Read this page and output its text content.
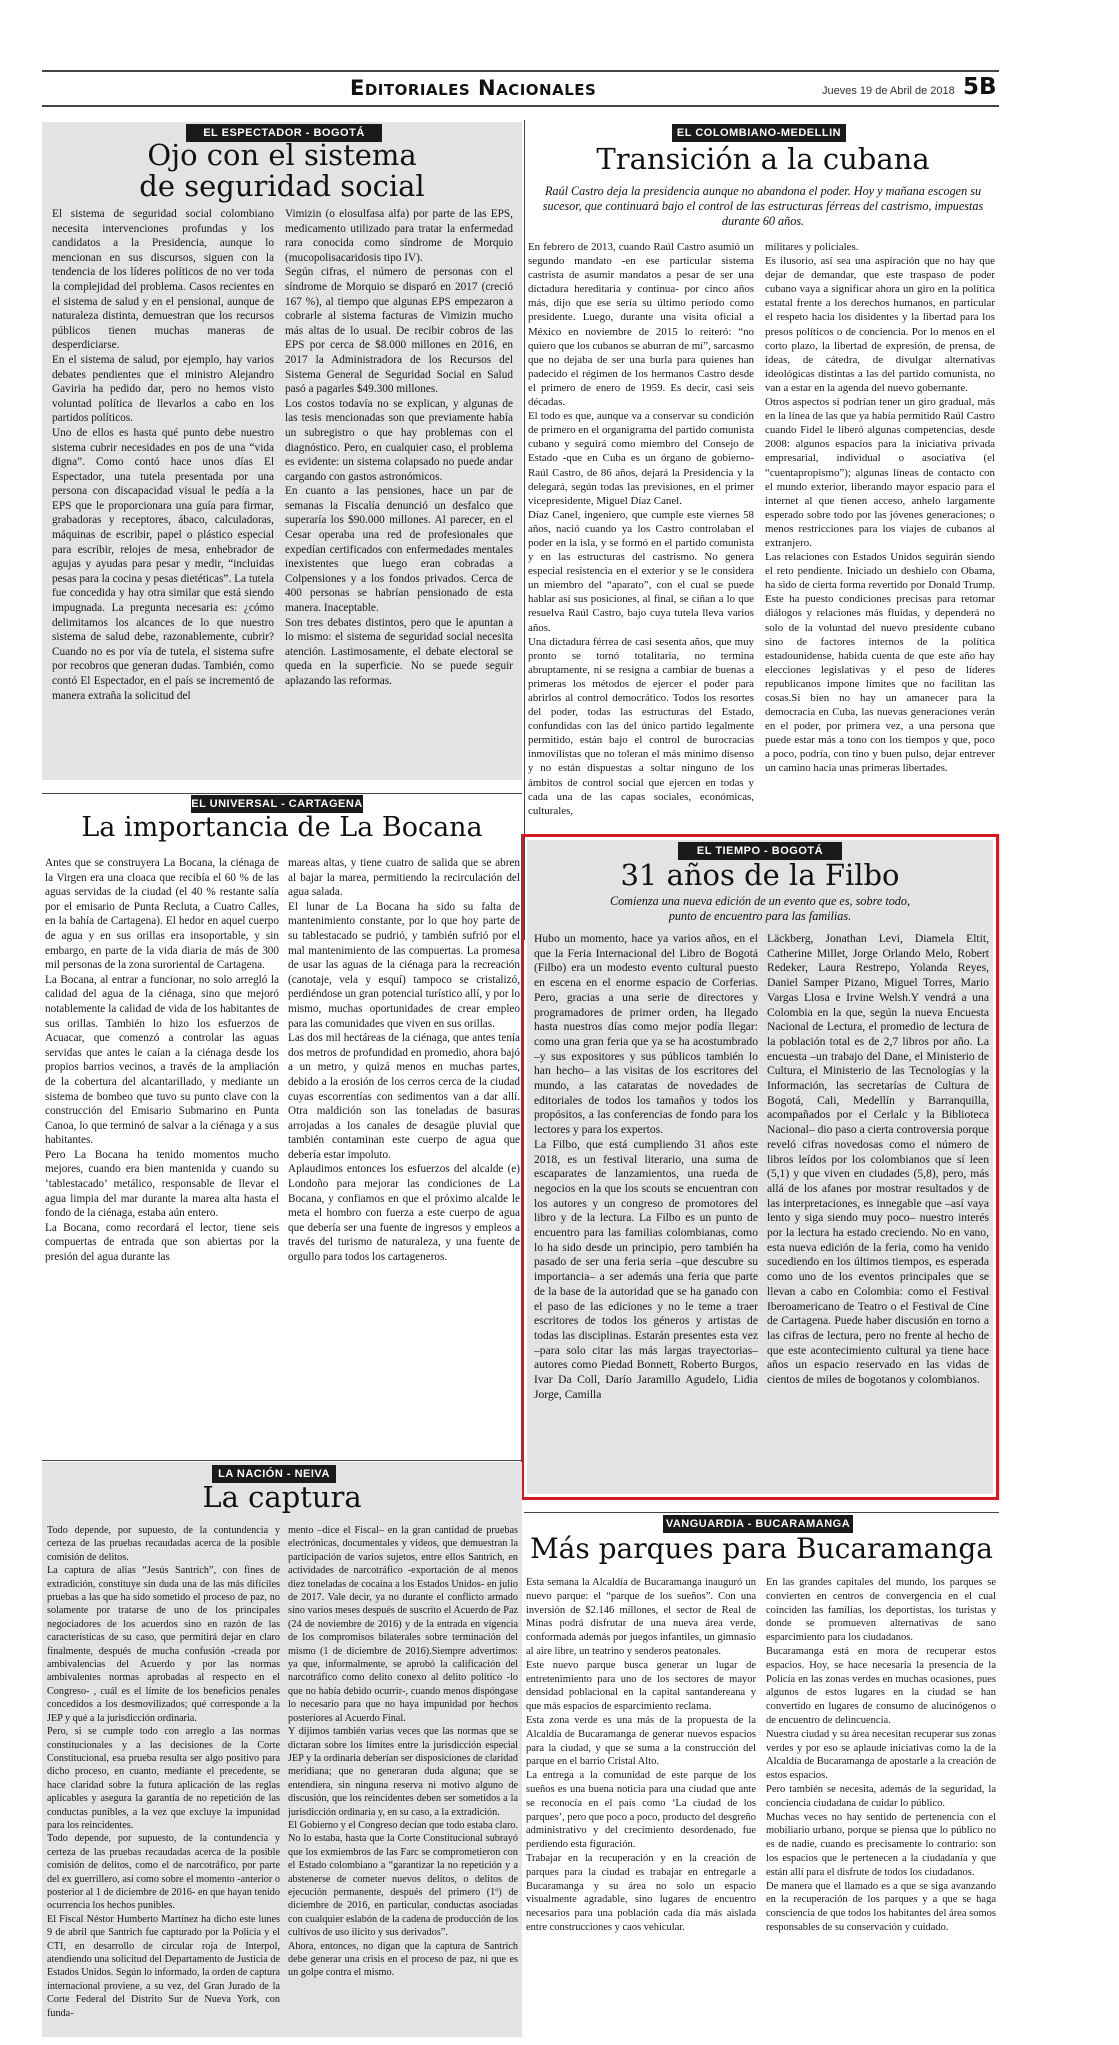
Editoriales Nacionales	Jueves 19 de Abril de 2018 5B
EL ESPECTADOR - BOGOTÁ
Ojo con el sistema
de seguridad social
El sistema de seguridad social colombiano necesita intervenciones profundas y los candidatos a la Presidencia, aunque lo mencionan en sus discursos, siguen con la tendencia de los líderes políticos de no ver toda la complejidad del problema. Casos recientes en el sistema de salud y en el pensional, aunque de naturaleza distinta, demuestran que los recursos públicos tienen muchas maneras de desperdiciarse.
En el sistema de salud, por ejemplo, hay varios debates pendientes que el ministro Alejandro Gaviria ha pedido dar, pero no hemos visto voluntad política de llevarlos a cabo en los partidos políticos.
Uno de ellos es hasta qué punto debe nuestro sistema cubrir necesidades en pos de una “vida digna”. Como contó hace unos días El Espectador, una tutela presentada por una persona con discapacidad visual le pedía a la EPS que le proporcionara una guía para firmar, grabadoras y receptores, ábaco, calculadoras, máquinas de escribir, papel o plástico especial para escribir, relojes de mesa, enhebrador de agujas y ayudas para pesar y medir, “incluidas pesas para la cocina y pesas dietéticas”. La tutela fue concedida y hay otra similar que está siendo impugnada. La pregunta necesaria es: ¿cómo delimitamos los alcances de lo que nuestro sistema de salud debe, razonablemente, cubrir? Cuando no es por vía de tutela, el sistema sufre por recobros que generan dudas. También, como contó El Espectador, en el país se incrementó de manera extraña la solicitud del
Vimizin (o elosulfasa alfa) por parte de las EPS, medicamento utilizado para tratar la enfermedad rara conocida como síndrome de Morquio (mucopolisacaridosis tipo IV).
Según cifras, el número de personas con el síndrome de Morquio se disparó en 2017 (creció 167 %), al tiempo que algunas EPS empezaron a cobrarle al sistema facturas de Vimizin mucho más altas de lo usual. De recibir cobros de las EPS por cerca de $8.000 millones en 2016, en 2017 la Administradora de los Recursos del Sistema General de Seguridad Social en Salud pasó a pagarles $49.300 millones.
Los costos todavía no se explican, y algunas de las tesis mencionadas son que previamente había un subregistro o que hay problemas con el diagnóstico. Pero, en cualquier caso, el problema es evidente: un sistema colapsado no puede andar cargando con gastos astronómicos.
En cuanto a las pensiones, hace un par de semanas la Fiscalía denunció un desfalco que superaría los $90.000 millones. Al parecer, en el Cesar operaba una red de profesionales que expedían certificados con enfermedades mentales inexistentes que luego eran cobradas a Colpensiones y a los fondos privados. Cerca de 400 personas se habrían pensionado de esta manera. Inaceptable.
Son tres debates distintos, pero que le apuntan a lo mismo: el sistema de seguridad social necesita atención. Lastimosamente, el debate electoral se queda en la superficie. No se puede seguir aplazando las reformas.
EL COLOMBIANO-MEDELLIN
Transición a la cubana
Raúl Castro deja la presidencia aunque no abandona el poder. Hoy y mañana escogen su sucesor, que continuará bajo el control de las estructuras férreas del castrismo, impuestas durante 60 años.
En febrero de 2013, cuando Raúl Castro asumió un segundo mandato -en ese particular sistema castrista de asumir mandatos a pesar de ser una dictadura hereditaria y continua- por cinco años más, dijo que ese sería su último período como presidente. Luego, durante una visita oficial a México en noviembre de 2015 lo reiteró: “no quiero que los cubanos se aburran de mí”, sarcasmo que no dejaba de ser una burla para quienes han padecido el régimen de los hermanos Castro desde el primero de enero de 1959. Es decir, casi seis décadas.
El todo es que, aunque va a conservar su condición de primero en el organigrama del partido comunista cubano y seguirá como miembro del Consejo de Estado -que en Cuba es un órgano de gobierno- Raúl Castro, de 86 años, dejará la Presidencia y la delegará, según todas las previsiones, en el primer vicepresidente, Miguel Díaz Canel.
Díaz Canel, ingeniero, que cumple este viernes 58 años, nació cuando ya los Castro controlaban el poder en la isla, y se formó en el partido comunista y en las estructuras del castrismo. No genera especial resistencia en el exterior y se le considera un miembro del “aparato”, con el cual se puede hablar así sus posiciones, al final, se ciñan a lo que resuelva Raúl Castro, bajo cuya tutela lleva varios años.
Una dictadura férrea de casi sesenta años, que muy pronto se tornó totalitaria, no termina abruptamente, ni se resigna a cambiar de buenas a primeras los métodos de ejercer el poder para abrirlos al control democrático. Todos los resortes del poder, todas las estructuras del Estado, confundidas con las del único partido legalmente permitido, están bajo el control de burocracias inmovilistas que no toleran el más mínimo disenso y no están dispuestas a soltar ninguno de los ámbitos de control social que ejercen en todas y cada una de las capas sociales, económicas, culturales,
militares y policiales.
Es ilusorio, así sea una aspiración que no hay que dejar de demandar, que este traspaso de poder cubano vaya a significar ahora un giro en la política estatal frente a los derechos humanos, en particular el respeto hacia los disidentes y la libertad para los presos políticos o de conciencia. Por lo menos en el corto plazo, la libertad de expresión, de prensa, de ideas, de cátedra, de divulgar alternativas ideológicas distintas a las del partido comunista, no van a estar en la agenda del nuevo gobernante.
Otros aspectos sí podrían tener un giro gradual, más en la línea de las que ya había permitido Raúl Castro cuando Fidel le liberó algunas competencias, desde 2008: algunos espacios para la iniciativa privada empresarial, individual o asociativa (el “cuentapropismo”); algunas líneas de contacto con el mundo exterior, liberando mayor espacio para el internet al que tienen acceso, anhelo largamente esperado sobre todo por las jóvenes generaciones; o menos restricciones para los viajes de cubanos al extranjero.
Las relaciones con Estados Unidos seguirán siendo el reto pendiente. Iniciado un deshielo con Obama, ha sido de cierta forma revertido por Donald Trump. Este ha puesto condiciones precisas para retomar diálogos y relaciones más fluidas, y dependerá no solo de la voluntad del nuevo presidente cubano sino de factores internos de la política estadounidense, habida cuenta de que este año hay elecciones legislativas y el peso de líderes republicanos impone límites que no facilitan las cosas.Si bien no hay un amanecer para la democracia en Cuba, las nuevas generaciones verán en el poder, por primera vez, a una persona que puede estar más a tono con los tiempos y que, poco a poco, podría, con tino y buen pulso, dejar entrever un camino hacia unas primeras libertades.
EL UNIVERSAL - CARTAGENA
La importancia de La Bocana
Antes que se construyera La Bocana, la ciénaga de la Virgen era una cloaca que recibía el 60 % de las aguas servidas de la ciudad (el 40 % restante salía por el emisario de Punta Recluta, a Cuatro Calles, en la bahía de Cartagena). El hedor en aquel cuerpo de agua y en sus orillas era insoportable, y sin embargo, en parte de la vida diaria de más de 300 mil personas de la zona suroriental de Cartagena.
La Bocana, al entrar a funcionar, no solo arregló la calidad del agua de la ciénaga, sino que mejoró notablemente la calidad de vida de los habitantes de sus orillas. También lo hizo los esfuerzos de Acuacar, que comenzó a controlar las aguas servidas que antes le caían a la ciénaga desde los propios barrios vecinos, a través de la ampliación de la cobertura del alcantarillado, y mediante un sistema de bombeo que tuvo su punto clave con la construcción del Emisario Submarino en Punta Canoa, lo que terminó de salvar a la ciénaga y a sus habitantes.
Pero La Bocana ha tenido momentos mucho mejores, cuando era bien mantenida y cuando su ‘tablestacado’ metálico, responsable de llevar el agua limpia del mar durante la marea alta hasta el fondo de la ciénaga, estaba aún entero.
La Bocana, como recordará el lector, tiene seis compuertas de entrada que son abiertas por la presión del agua durante las
mareas altas, y tiene cuatro de salida que se abren al bajar la marea, permitiendo la recirculación del agua salada.
El lunar de La Bocana ha sido su falta de mantenimiento constante, por lo que hoy parte de su tablestacado se pudrió, y también sufrió por el mal mantenimiento de las compuertas. La promesa de usar las aguas de la ciénaga para la recreación (canotaje, vela y esquí) tampoco se cristalizó, perdiéndose un gran potencial turístico allí, y por lo mismo, muchas oportunidades de crear empleo para las comunidades que viven en sus orillas.
Las dos mil hectáreas de la ciénaga, que antes tenía dos metros de profundidad en promedio, ahora bajó a un metro, y quizá menos en muchas partes, debido a la erosión de los cerros cerca de la ciudad cuyas escorrentías con sedimentos van a dar allí. Otra maldición son las toneladas de basuras arrojadas a los canales de desagüe pluvial que también contaminan este cuerpo de agua que debería estar impoluto.
Aplaudimos entonces los esfuerzos del alcalde (e) Londoño para mejorar las condiciones de La Bocana, y confiamos en que el próximo alcalde le meta el hombro con fuerza a este cuerpo de agua que debería ser una fuente de ingresos y empleos a través del turismo de naturaleza, y una fuente de orgullo para todos los cartageneros.
EL TIEMPO - BOGOTÁ
31 años de la Filbo
Comienza una nueva edición de un evento que es, sobre todo, punto de encuentro para las familias.
Hubo un momento, hace ya varios años, en el que la Feria Internacional del Libro de Bogotá (Filbo) era un modesto evento cultural puesto en escena en el enorme espacio de Corferias. Pero, gracias a una serie de directores y programadores de primer orden, ha llegado hasta nuestros días como mejor podía llegar: como una gran feria que ya se ha acostumbrado –y sus expositores y sus públicos también lo han hecho– a las visitas de los escritores del mundo, a las cataratas de novedades de editoriales de todos los tamaños y todos los propósitos, a las conferencias de fondo para los lectores y para los expertos.
La Filbo, que está cumpliendo 31 años este 2018, es un festival literario, una suma de escaparates de lanzamientos, una rueda de negocios en la que los scouts se encuentran con los autores y un congreso de promotores del libro y de la lectura. La Filbo es un punto de encuentro para las familias colombianas, como lo ha sido desde un principio, pero también ha pasado de ser una feria seria –que descubre su importancia– a ser además una feria que parte de la base de la autoridad que se ha ganado con el paso de las ediciones y no le teme a traer escritores de todos los géneros y artistas de todas las disciplinas. Estarán presentes esta vez –para solo citar las más largas trayectorias– autores como Piedad Bonnett, Roberto Burgos, Ivar Da Coll, Darío Jaramillo Agudelo, Lidia Jorge, Camilla
Läckberg, Jonathan Levi, Diamela Eltit, Catherine Millet, Jorge Orlando Melo, Robert Redeker, Laura Restrepo, Yolanda Reyes, Daniel Samper Pizano, Miguel Torres, Mario Vargas Llosa e Irvine Welsh.Y vendrá a una Colombia en la que, según la nueva Encuesta Nacional de Lectura, el promedio de lectura de la población total es de 2,7 libros por año. La encuesta –un trabajo del Dane, el Ministerio de Cultura, el Ministerio de las Tecnologías y la Información, las secretarías de Cultura de Bogotá, Cali, Medellín y Barranquilla, acompañados por el Cerlalc y la Biblioteca Nacional– dio paso a cierta controversia porque reveló cifras novedosas como el número de libros leídos por los colombianos que sí leen (5,1) y que viven en ciudades (5,8), pero, más allá de los afanes por mostrar resultados y de las interpretaciones, es innegable que –así vaya lento y siga siendo muy poco– nuestro interés por la lectura ha estado creciendo. No en vano, esta nueva edición de la feria, como ha venido sucediendo en los últimos tiempos, es esperada como uno de los eventos principales que se llevan a cabo en Colombia: como el Festival Iberoamericano de Teatro o el Festival de Cine de Cartagena. Puede haber discusión en torno a las cifras de lectura, pero no frente al hecho de que este acontecimiento cultural ya tiene hace años un espacio reservado en las vidas de cientos de miles de bogotanos y colombianos.
LA NACIÓN - NEIVA
La captura
Todo depende, por supuesto, de la contundencia y certeza de las pruebas recaudadas acerca de la posible comisión de delitos.
La captura de alias “Jesús Santrich”, con fines de extradición, constituye sin duda una de las más difíciles pruebas a las que ha sido sometido el proceso de paz, no solamente por tratarse de uno de los principales negociadores de los acuerdos sino en razón de las características de su caso, que permitirá dejar en claro finalmente, después de mucha confusión -creada por ambivalencias del Acuerdo y por las normas ambivalentes normas aprobadas al respecto en el Congreso- , cuál es el límite de los beneficios penales concedidos a los desmovilizados; qué corresponde a la JEP y qué a la jurisdicción ordinaria.
Pero, si se cumple todo con arreglo a las normas constitucionales y a las decisiones de la Corte Constitucional, esa prueba resulta ser algo positivo para dicho proceso, en cuanto, mediante el precedente, se hace claridad sobre la futura aplicación de las reglas aplicables y asegura la garantía de no repetición de las conductas punibles, a la vez que excluye la impunidad para los reincidentes.
Todo depende, por supuesto, de la contundencia y certeza de las pruebas recaudadas acerca de la posible comisión de delitos, como el de narcotráfico, por parte del ex guerrillero, así como sobre el momento -anterior o posterior al 1 de diciembre de 2016- en que hayan tenido ocurrencia los hechos punibles.
El Fiscal Néstor Humberto Martínez ha dicho este lunes 9 de abril que Santrich fue capturado por la Policía y el CTI, en desarrollo de circular roja de Interpol, atendiendo una solicitud del Departamento de Justicia de Estados Unidos. Según lo informado, la orden de captura internacional proviene, a su vez, del Gran Jurado de la Corte Federal del Distrito Sur de Nueva York, con funda-
mento –dice el Fiscal– en la gran cantidad de pruebas electrónicas, documentales y videos, que demuestran la participación de varios sujetos, entre ellos Santrich, en actividades de narcotráfico -exportación de al menos diez toneladas de cocaína a los Estados Unidos- en julio de 2017. Vale decir, ya no durante el conflicto armado sino varios meses después de suscrito el Acuerdo de Paz (24 de noviembre de 2016) y de la entrada en vigencia de los compromisos bilaterales sobre terminación del mismo (1 de diciembre de 2016).Siempre advertimos: ya que, informalmente, se aprobó la calificación del narcotráfico como delito conexo al delito político -lo que no había debido ocurrir-, cuando menos dispóngase lo necesario para que no haya impunidad por hechos posteriores al Acuerdo Final.
Y dijimos también varias veces que las normas que se dictaran sobre los límites entre la jurisdicción especial JEP y la ordinaria deberían ser disposiciones de claridad meridiana; que no generaran duda alguna; que se entendiera, sin ninguna reserva ni motivo alguno de discusión, que los reincidentes deben ser sometidos a la jurisdicción ordinaria y, en su caso, a la extradición.
El Gobierno y el Congreso decían que todo estaba claro. No lo estaba, hasta que la Corte Constitucional subrayó que los exmiembros de las Farc se comprometieron con el Estado colombiano a “garantizar la no repetición y a abstenerse de cometer nuevos delitos, o delitos de ejecución permanente, después del primero (1º) de diciembre de 2016, en particular, conductas asociadas con cualquier eslabón de la cadena de producción de los cultivos de uso ilícito y sus derivados”.
Ahora, entonces, no digan que la captura de Santrich debe generar una crisis en el proceso de paz, ni que es un golpe contra el mismo.
VANGUARDIA - BUCARAMANGA
Más parques para Bucaramanga
Esta semana la Alcaldía de Bucaramanga inauguró un nuevo parque: el “parque de los sueños”. Con una inversión de $2.146 millones, el sector de Real de Minas podrá disfrutar de una nueva área verde, conformada además por juegos infantiles, un gimnasio al aire libre, un teatrino y senderos peatonales.
Este nuevo parque busca generar un lugar de entretenimiento para uno de los sectores de mayor densidad poblacional en la capital santandereana y que más espacios de esparcimiento reclama.
Esta zona verde es una más de la propuesta de la Alcaldía de Bucaramanga de generar nuevos espacios para la ciudad, y que se suma a la construcción del parque en el barrio Cristal Alto.
La entrega a la comunidad de este parque de los sueños es una buena noticia para una ciudad que ante se reconocía en el país como ‘La ciudad de los parques’, pero que poco a poco, producto del desgreño administrativo y del crecimiento desordenado, fue perdiendo esta figuración.
Trabajar en la recuperación y en la creación de parques para la ciudad es trabajar en entregarle a Bucaramanga y su área no solo un espacio visualmente agradable, sino lugares de encuentro necesarios para una población cada día más aislada entre construcciones y caos vehicular.
En las grandes capitales del mundo, los parques se convierten en centros de convergencia en el cual coinciden las familias, los deportistas, los turistas y donde se promueven alternativas de sano esparcimiento para los ciudadanos.
Bucaramanga está en mora de recuperar estos espacios. Hoy, se hace necesaria la presencia de la Policía en las zonas verdes en muchas ocasiones, pues algunos de estos lugares en la ciudad se han convertido en lugares de consumo de alucinógenos o de encuentro de delincuencia.
Nuestra ciudad y su área necesitan recuperar sus zonas verdes y por eso se aplaude iniciativas como la de la Alcaldía de Bucaramanga de apostarle a la creación de estos espacios.
Pero también se necesita, además de la seguridad, la conciencia ciudadana de cuidar lo público.
Muchas veces no hay sentido de pertenencia con el mobiliario urbano, porque se piensa que lo público no es de nadie, cuando es precisamente lo contrario: son los espacios que le pertenecen a la ciudadanía y que están allí para el disfrute de todos los ciudadanos.
De manera que el llamado es a que se siga avanzando en la recuperación de los parques y a que se haga consciencia de que todos los habitantes del área somos responsables de su conservación y cuidado.
